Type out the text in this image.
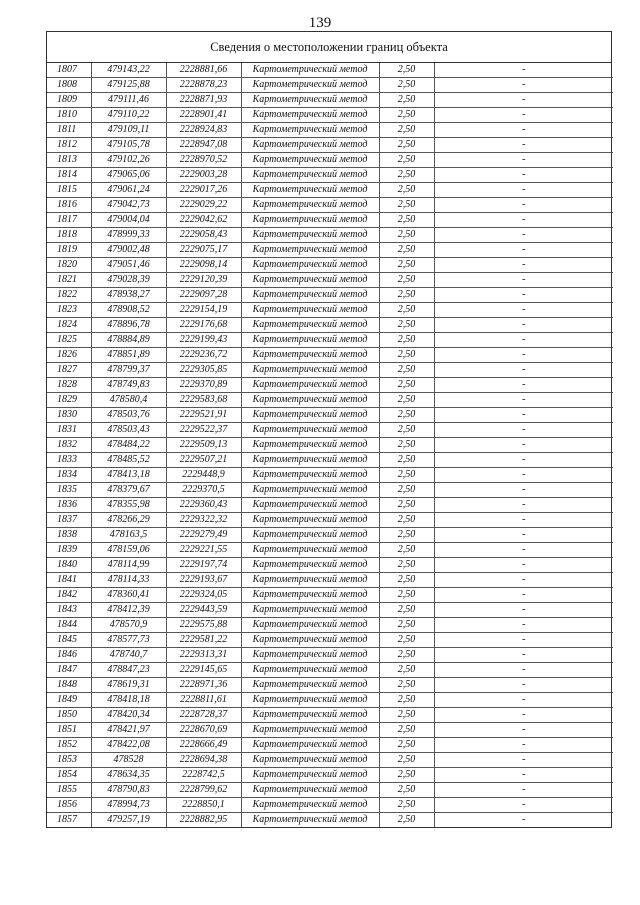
139
Сведения о местоположении границ объекта
1807	479143,22	2228881,66	Картометрический метод	2,50	-
1808	479125,88	2228878,23	Картометрический метод	2,50	-
1809	479111,46	2228871,93	Картометрический метод	2,50	-
1810	479110,22	2228901,41	Картометрический метод	2,50	-
1811	479109,11	2228924,83	Картометрический метод	2,50	-
1812	479105,78	2228947,08	Картометрический метод	2,50	-
1813	479102,26	2228970,52	Картометрический метод	2,50	-
1814	479065,06	2229003,28	Картометрический метод	2,50	-
1815	479061,24	2229017,26	Картометрический метод	2,50	-
1816	479042,73	2229029,22	Картометрический метод	2,50	-
1817	479004,04	2229042,62	Картометрический метод	2,50	-
1818	478999,33	2229058,43	Картометрический метод	2,50	-
1819	479002,48	2229075,17	Картометрический метод	2,50	-
1820	479051,46	2229098,14	Картометрический метод	2,50	-
1821	479028,39	2229120,39	Картометрический метод	2,50	-
1822	478938,27	2229097,28	Картометрический метод	2,50	-
1823	478908,52	2229154,19	Картометрический метод	2,50	-
1824	478896,78	2229176,68	Картометрический метод	2,50	-
1825	478884,89	2229199,43	Картометрический метод	2,50	-
1826	478851,89	2229236,72	Картометрический метод	2,50	-
1827	478799,37	2229305,85	Картометрический метод	2,50	-
1828	478749,83	2229370,89	Картометрический метод	2,50	-
1829	478580,4	2229583,68	Картометрический метод	2,50	-
1830	478503,76	2229521,91	Картометрический метод	2,50	-
1831	478503,43	2229522,37	Картометрический метод	2,50	-
1832	478484,22	2229509,13	Картометрический метод	2,50	-
1833	478485,52	2229507,21	Картометрический метод	2,50	-
1834	478413,18	2229448,9	Картометрический метод	2,50	-
1835	478379,67	2229370,5	Картометрический метод	2,50	-
1836	478355,98	2229360,43	Картометрический метод	2,50	-
1837	478266,29	2229322,32	Картометрический метод	2,50	-
1838	478163,5	2229279,49	Картометрический метод	2,50	-
1839	478159,06	2229221,55	Картометрический метод	2,50	-
1840	478114,99	2229197,74	Картометрический метод	2,50	-
1841	478114,33	2229193,67	Картометрический метод	2,50	-
1842	478360,41	2229324,05	Картометрический метод	2,50	-
1843	478412,39	2229443,59	Картометрический метод	2,50	-
1844	478570,9	2229575,88	Картометрический метод	2,50	-
1845	478577,73	2229581,22	Картометрический метод	2,50	-
1846	478740,7	2229313,31	Картометрический метод	2,50	-
1847	478847,23	2229145,65	Картометрический метод	2,50	-
1848	478619,31	2228971,36	Картометрический метод	2,50	-
1849	478418,18	2228811,61	Картометрический метод	2,50	-
1850	478420,34	2228728,37	Картометрический метод	2,50	-
1851	478421,97	2228670,69	Картометрический метод	2,50	-
1852	478422,08	2228666,49	Картометрический метод	2,50	-
1853	478528	2228694,38	Картометрический метод	2,50	-
1854	478634,35	2228742,5	Картометрический метод	2,50	-
1855	478790,83	2228799,62	Картометрический метод	2,50	-
1856	478994,73	2228850,1	Картометрический метод	2,50	-
1857	479257,19	2228882,95	Картометрический метод	2,50	-
